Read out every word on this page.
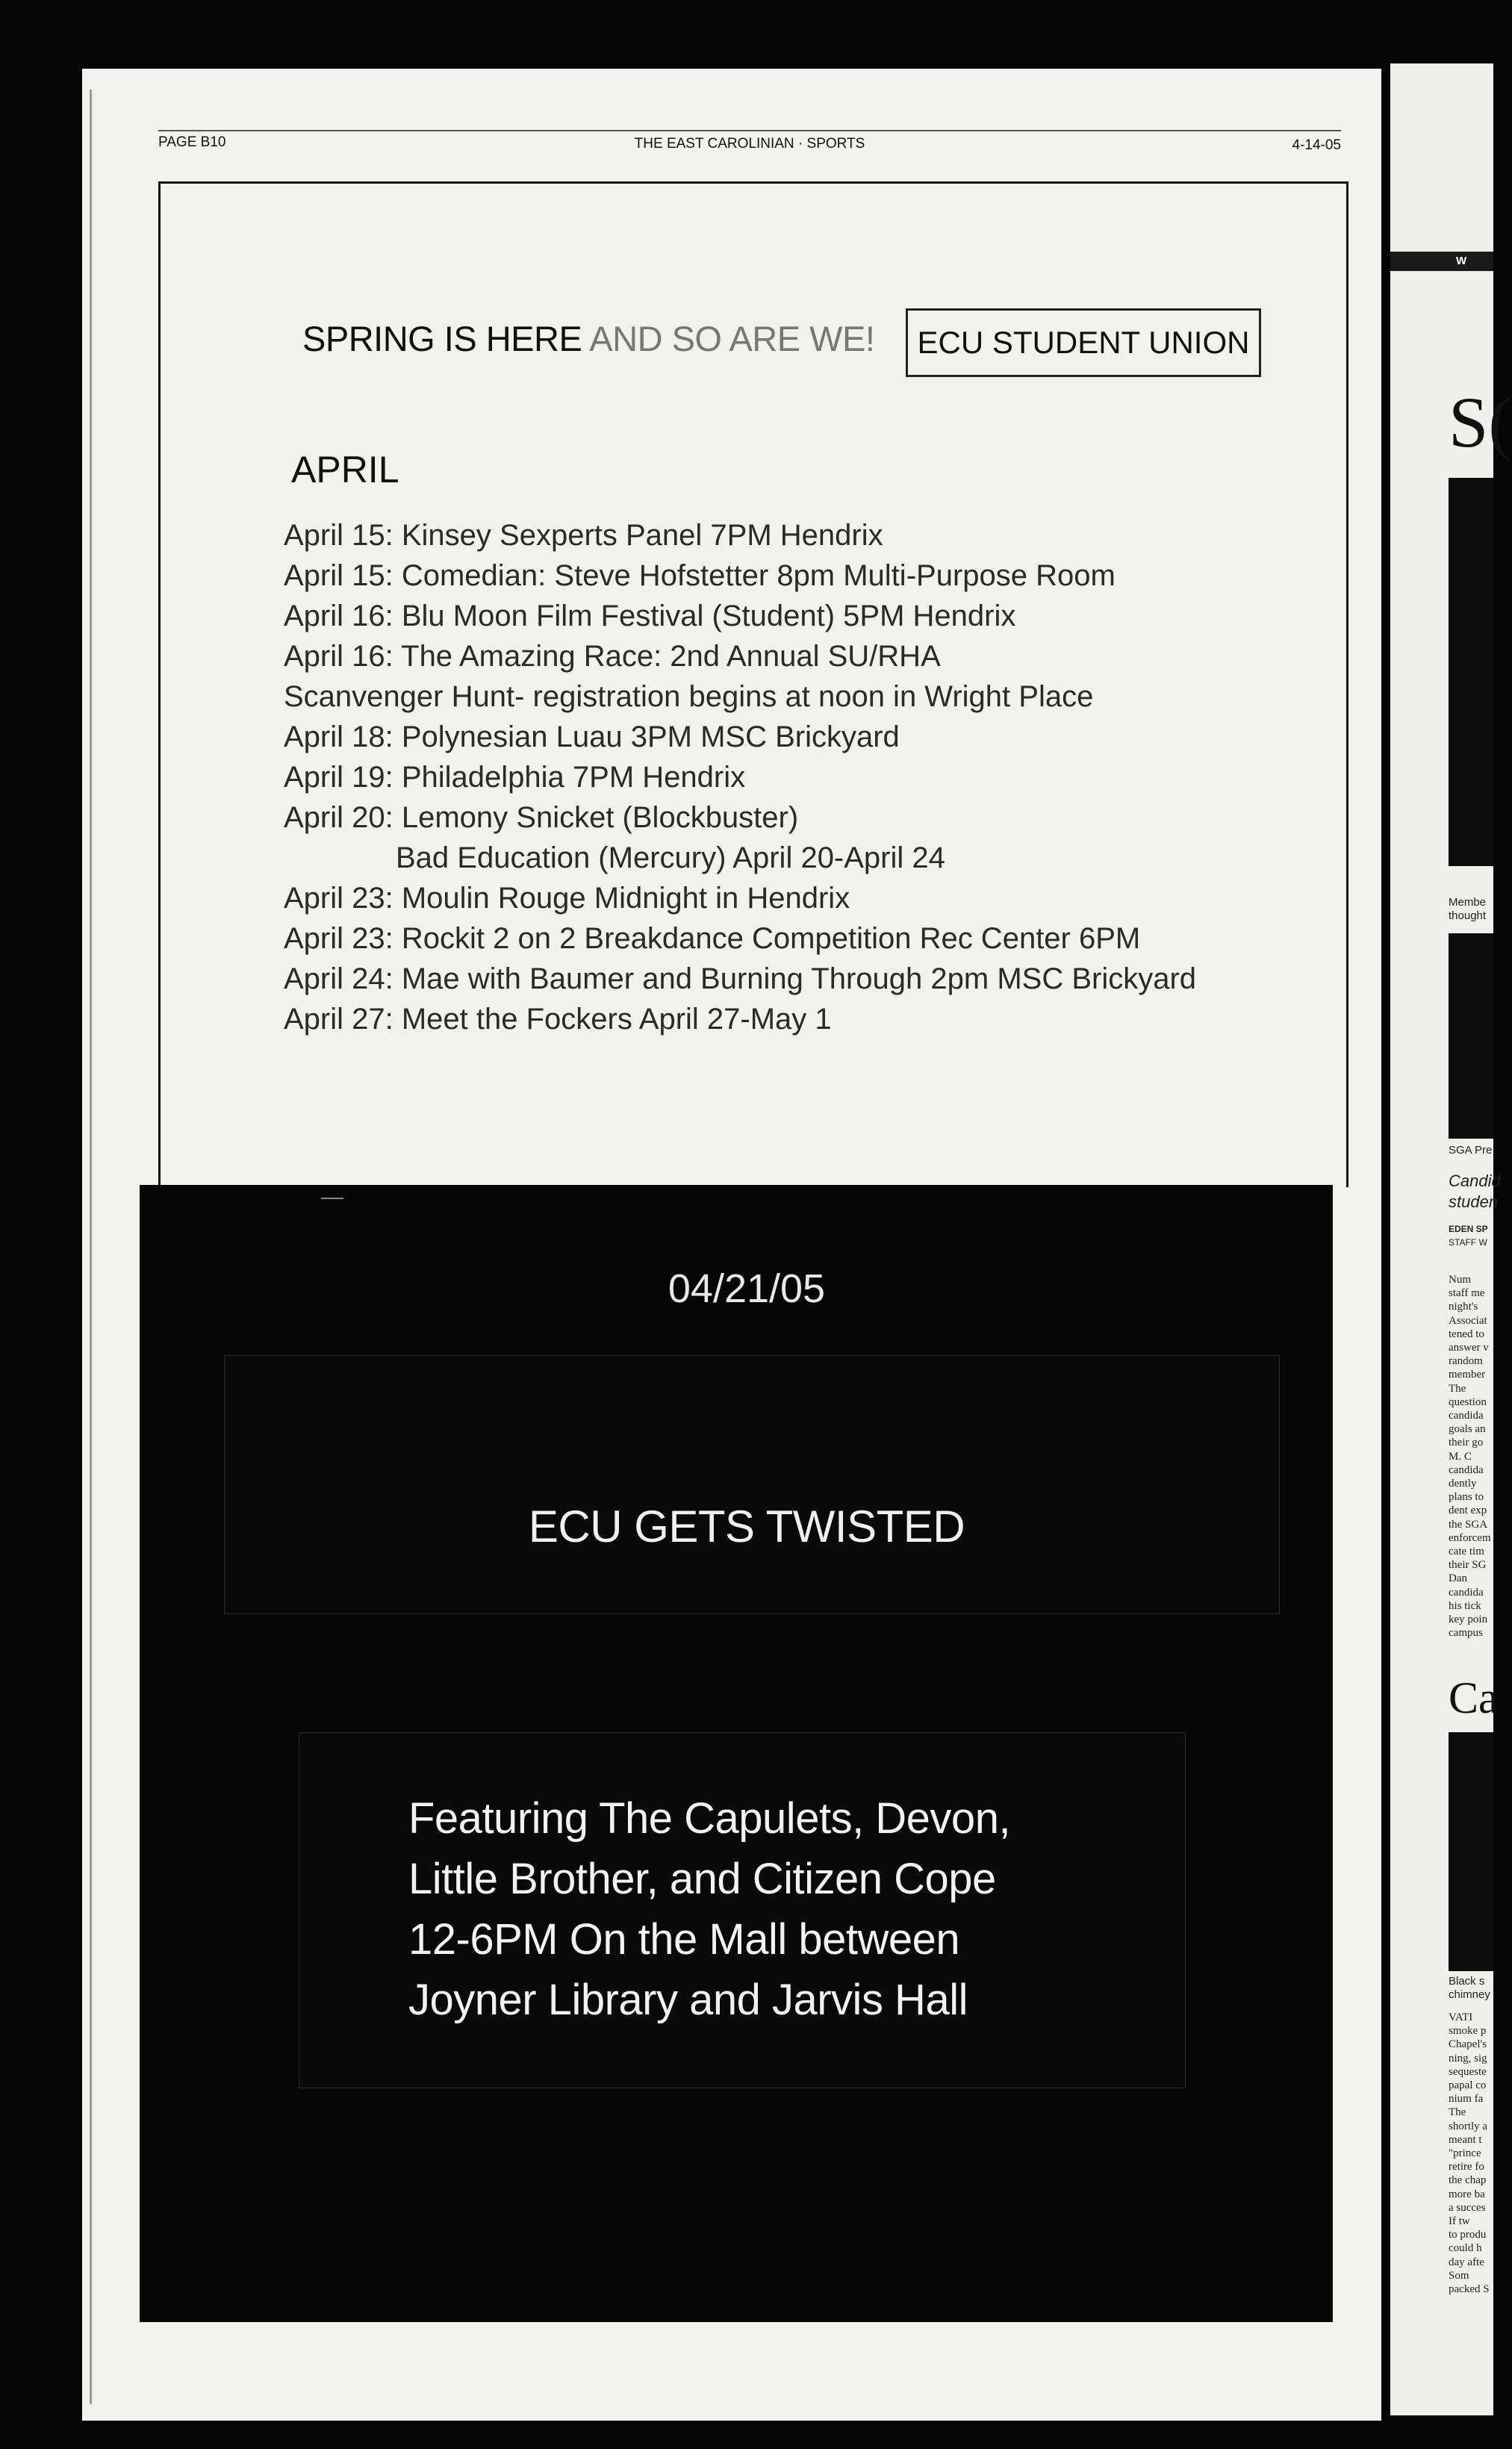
W
S(
Membe
thought
SGA Pre
Candid
studen
EDEN SP
STAFF W
Num
staff me
night's
Associat
tened to
answer v
random
member
The
question
candida
goals an
their go
M. C
candida
dently
plans to
dent exp
the SGA
enforcem
cate tim
their SG
Dan
candida
his tick
key poin
campus
Ca
Black s
chimney
VATI
smoke p
Chapel's
ning, sig
sequeste
papal co
nium fa
The
shortly a
meant t
"prince
retire fo
the chap
more ba
a succes
If tw
to produ
could h
day afte
Som
packed S
PAGE B10	THE EAST CAROLINIAN · SPORTS	4-14-05
SPRING IS HERE AND SO ARE WE!	ECU STUDENT UNION
APRIL
April 15: Kinsey Sexperts Panel 7PM Hendrix
April 15: Comedian: Steve Hofstetter 8pm Multi-Purpose Room
April 16: Blu Moon Film Festival (Student) 5PM Hendrix
April 16: The Amazing Race: 2nd Annual SU/RHA
Scanvenger Hunt- registration begins at noon in Wright Place
April 18: Polynesian Luau 3PM MSC Brickyard
April 19: Philadelphia 7PM Hendrix
April 20: Lemony Snicket (Blockbuster)
Bad Education (Mercury) April 20-April 24
April 23: Moulin Rouge Midnight in Hendrix
April 23: Rockit 2 on 2 Breakdance Competition Rec Center 6PM
April 24: Mae with Baumer and Burning Through 2pm MSC Brickyard
April 27: Meet the Fockers April 27-May 1
04/21/05
ECU GETS TWISTED
Featuring The Capulets, Devon,
Little Brother, and Citizen Cope
12-6PM On the Mall between
Joyner Library and Jarvis Hall
